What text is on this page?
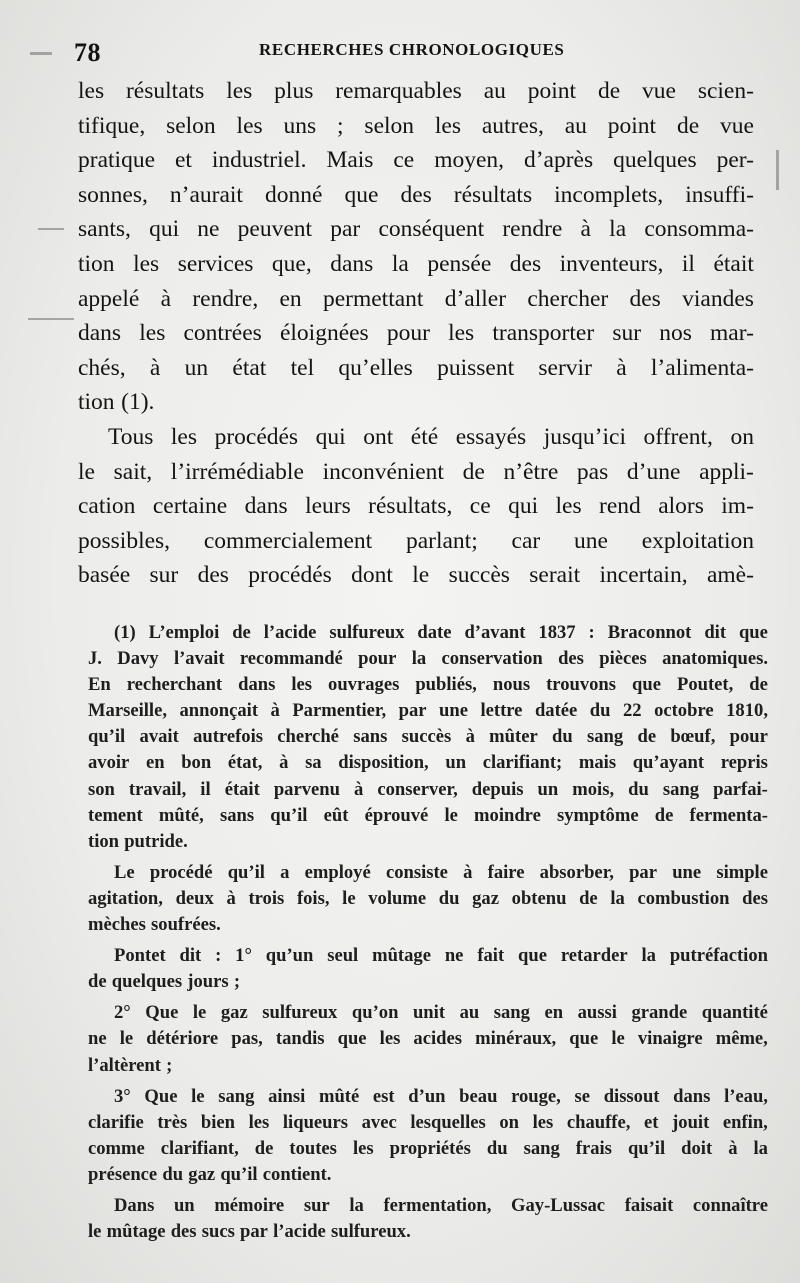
78	RECHERCHES CHRONOLOGIQUES
les résultats les plus remarquables au point de vue scien-
tifique, selon les uns ; selon les autres, au point de vue
pratique et industriel. Mais ce moyen, d’après quelques per-
sonnes, n’aurait donné que des résultats incomplets, insuffi-
sants, qui ne peuvent par conséquent rendre à la consomma-
tion les services que, dans la pensée des inventeurs, il était
appelé à rendre, en permettant d’aller chercher des viandes
dans les contrées éloignées pour les transporter sur nos mar-
chés, à un état tel qu’elles puissent servir à l’alimenta-
tion (1).
Tous les procédés qui ont été essayés jusqu’ici offrent, on
le sait, l’irrémédiable inconvénient de n’être pas d’une appli-
cation certaine dans leurs résultats, ce qui les rend alors im-
possibles, commercialement parlant; car une exploitation
basée sur des procédés dont le succès serait incertain, amè-
(1) L’emploi de l’acide sulfureux date d’avant 1837 : Braconnot dit que
J. Davy l’avait recommandé pour la conservation des pièces anatomiques.
En recherchant dans les ouvrages publiés, nous trouvons que Poutet, de
Marseille, annonçait à Parmentier, par une lettre datée du 22 octobre 1810,
qu’il avait autrefois cherché sans succès à mûter du sang de bœuf, pour
avoir en bon état, à sa disposition, un clarifiant; mais qu’ayant repris
son travail, il était parvenu à conserver, depuis un mois, du sang parfai-
tement mûté, sans qu’il eût éprouvé le moindre symptôme de fermenta-
tion putride.
Le procédé qu’il a employé consiste à faire absorber, par une simple
agitation, deux à trois fois, le volume du gaz obtenu de la combustion des
mèches soufrées.
Pontet dit : 1° qu’un seul mûtage ne fait que retarder la putréfaction
de quelques jours ;
2° Que le gaz sulfureux qu’on unit au sang en aussi grande quantité
ne le détériore pas, tandis que les acides minéraux, que le vinaigre même,
l’altèrent ;
3° Que le sang ainsi mûté est d’un beau rouge, se dissout dans l’eau,
clarifie très bien les liqueurs avec lesquelles on les chauffe, et jouit enfin,
comme clarifiant, de toutes les propriétés du sang frais qu’il doit à la
présence du gaz qu’il contient.
Dans un mémoire sur la fermentation, Gay-Lussac faisait connaître
le mûtage des sucs par l’acide sulfureux.
